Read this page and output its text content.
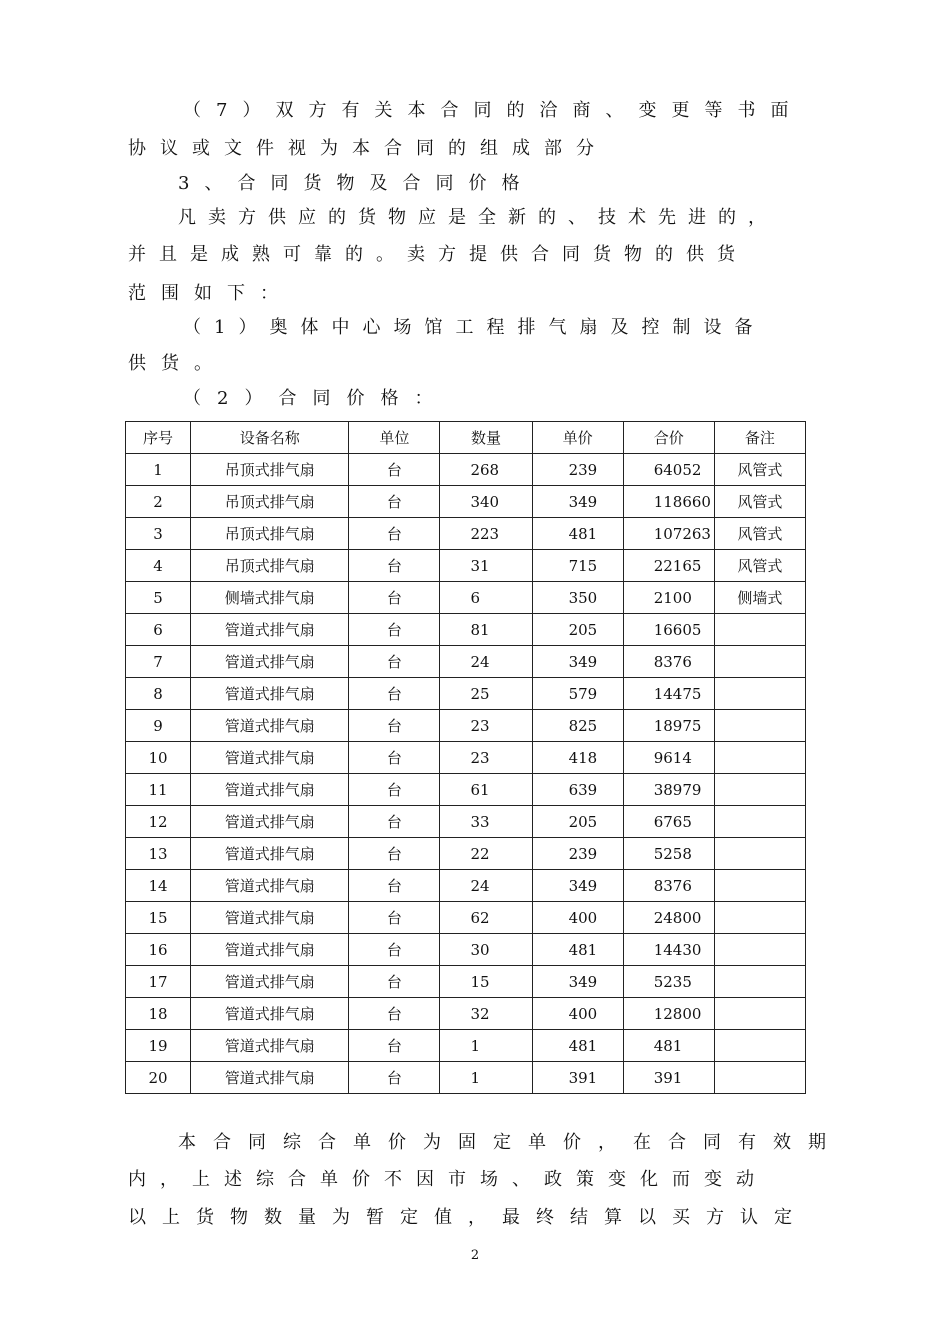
（7）双方有关本合同的洽商、变更等书面
协议或文件视为本合同的组成部分
3、合同货物及合同价格
凡卖方供应的货物应是全新的、技术先进的，
并且是成熟可靠的。卖方提供合同货物的供货
范围如下：
（1）奥体中心场馆工程排气扇及控制设备
供货。
（2）合同价格：
序号	设备名称	单位	数量	单价	合价	备注
1	吊顶式排气扇	台	268	239	64052	风管式
2	吊顶式排气扇	台	340	349	118660	风管式
3	吊顶式排气扇	台	223	481	107263	风管式
4	吊顶式排气扇	台	31	715	22165	风管式
5	侧墙式排气扇	台	6	350	2100	侧墙式
6	管道式排气扇	台	81	205	16605	
7	管道式排气扇	台	24	349	8376	
8	管道式排气扇	台	25	579	14475	
9	管道式排气扇	台	23	825	18975	
10	管道式排气扇	台	23	418	9614	
11	管道式排气扇	台	61	639	38979	
12	管道式排气扇	台	33	205	6765	
13	管道式排气扇	台	22	239	5258	
14	管道式排气扇	台	24	349	8376	
15	管道式排气扇	台	62	400	24800	
16	管道式排气扇	台	30	481	14430	
17	管道式排气扇	台	15	349	5235	
18	管道式排气扇	台	32	400	12800	
19	管道式排气扇	台	1	481	481	
20	管道式排气扇	台	1	391	391	
本合同综合单价为固定单价，在合同有效期
内，上述综合单价不因市场、政策变化而变动
以上货物数量为暂定值，最终结算以买方认定
2
